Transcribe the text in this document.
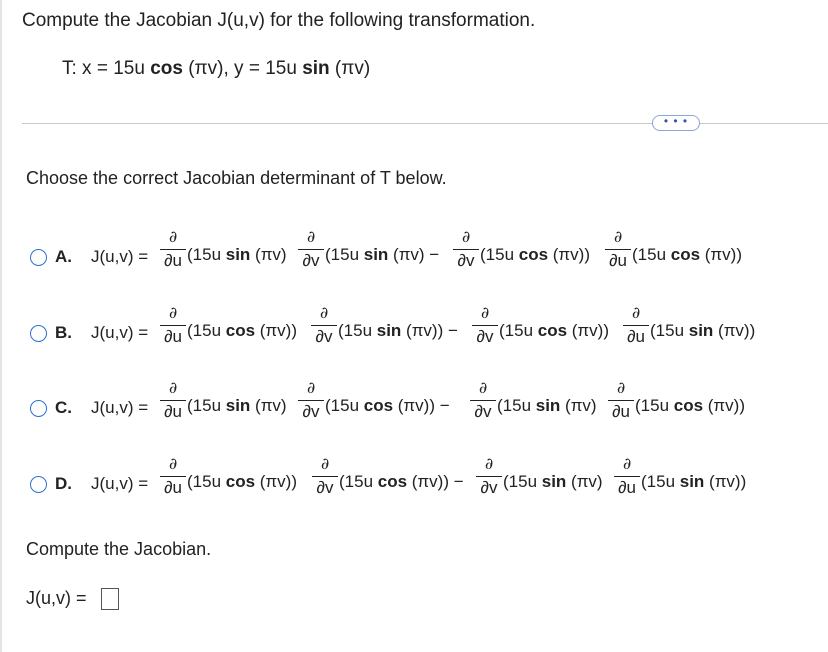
Compute the Jacobian J(u,v) for the following transformation.
T: x = 15u cos (πv), y = 15u sin (πv)
• • •
Choose the correct Jacobian determinant of T below.
A. J(u,v) =
∂
∂u (15u sin (πv)
∂
∂v (15u sin (πv) −
∂
∂v (15u cos (πv))
∂
∂u (15u cos (πv))
B. J(u,v) =
∂
∂u (15u cos (πv))
∂
∂v (15u sin (πv)) −
∂
∂v (15u cos (πv))
∂
∂u (15u sin (πv))
C. J(u,v) =
∂
∂u (15u sin (πv)
∂
∂v (15u cos (πv)) −
∂
∂v (15u sin (πv)
∂
∂u (15u cos (πv))
D. J(u,v) =
∂
∂u (15u cos (πv))
∂
∂v (15u cos (πv)) −
∂
∂v (15u sin (πv)
∂
∂u (15u sin (πv))
Compute the Jacobian.
J(u,v) =
